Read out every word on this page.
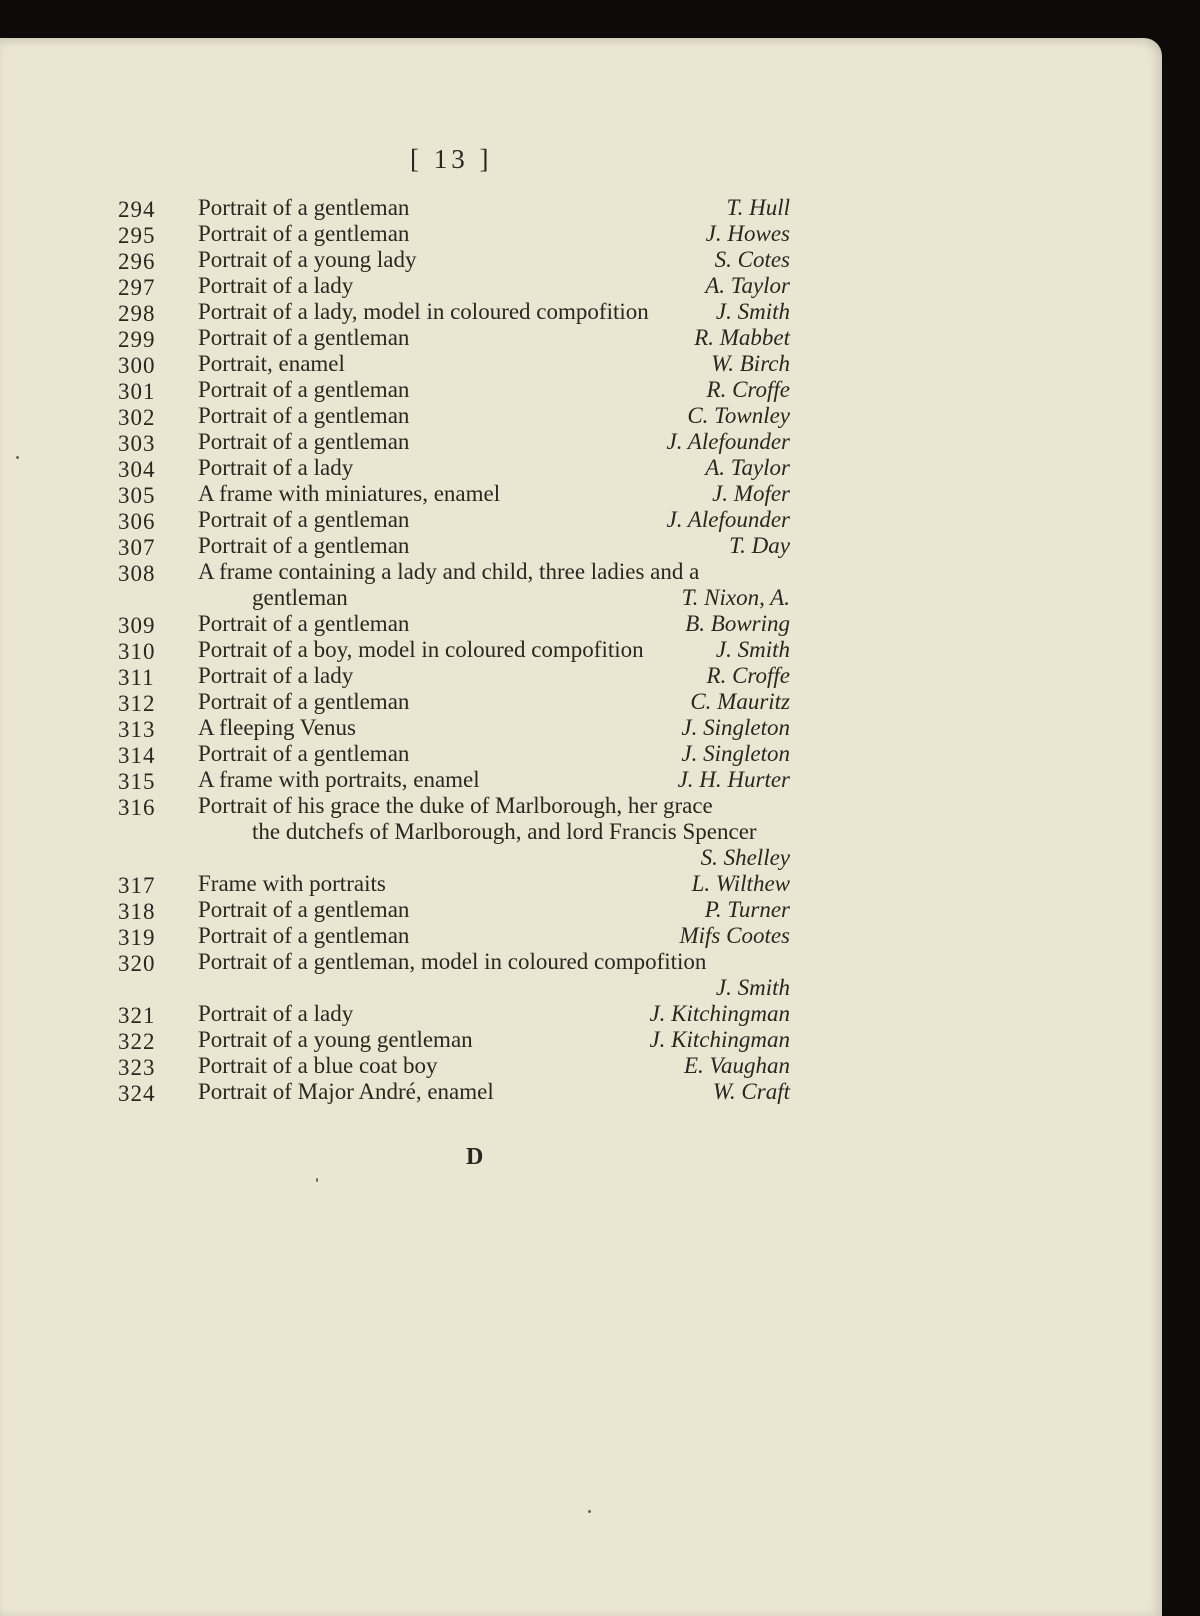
[ 13 ]
294	Portrait of a gentleman	T. Hull
295	Portrait of a gentleman	J. Howes
296	Portrait of a young lady	S. Cotes
297	Portrait of a lady	A. Taylor
298	Portrait of a lady, model in coloured compofition	J. Smith
299	Portrait of a gentleman	R. Mabbet
300	Portrait, enamel	W. Birch
301	Portrait of a gentleman	R. Croffe
302	Portrait of a gentleman	C. Townley
303	Portrait of a gentleman	J. Alefounder
304	Portrait of a lady	A. Taylor
305	A frame with miniatures, enamel	J. Mofer
306	Portrait of a gentleman	J. Alefounder
307	Portrait of a gentleman	T. Day
308	A frame containing a lady and child, three ladies and a
gentleman	T. Nixon, A.
309	Portrait of a gentleman	B. Bowring
310	Portrait of a boy, model in coloured compofition	J. Smith
311	Portrait of a lady	R. Croffe
312	Portrait of a gentleman	C. Mauritz
313	A fleeping Venus	J. Singleton
314	Portrait of a gentleman	J. Singleton
315	A frame with portraits, enamel	J. H. Hurter
316	Portrait of his grace the duke of Marlborough, her grace
the dutchefs of Marlborough, and lord Francis Spencer
S. Shelley
317	Frame with portraits	L. Wilthew
318	Portrait of a gentleman	P. Turner
319	Portrait of a gentleman	Mifs Cootes
320	Portrait of a gentleman, model in coloured compofition
J. Smith
321	Portrait of a lady	J. Kitchingman
322	Portrait of a young gentleman	J. Kitchingman
323	Portrait of a blue coat boy	E. Vaughan
324	Portrait of Major André, enamel	W. Craft
D
